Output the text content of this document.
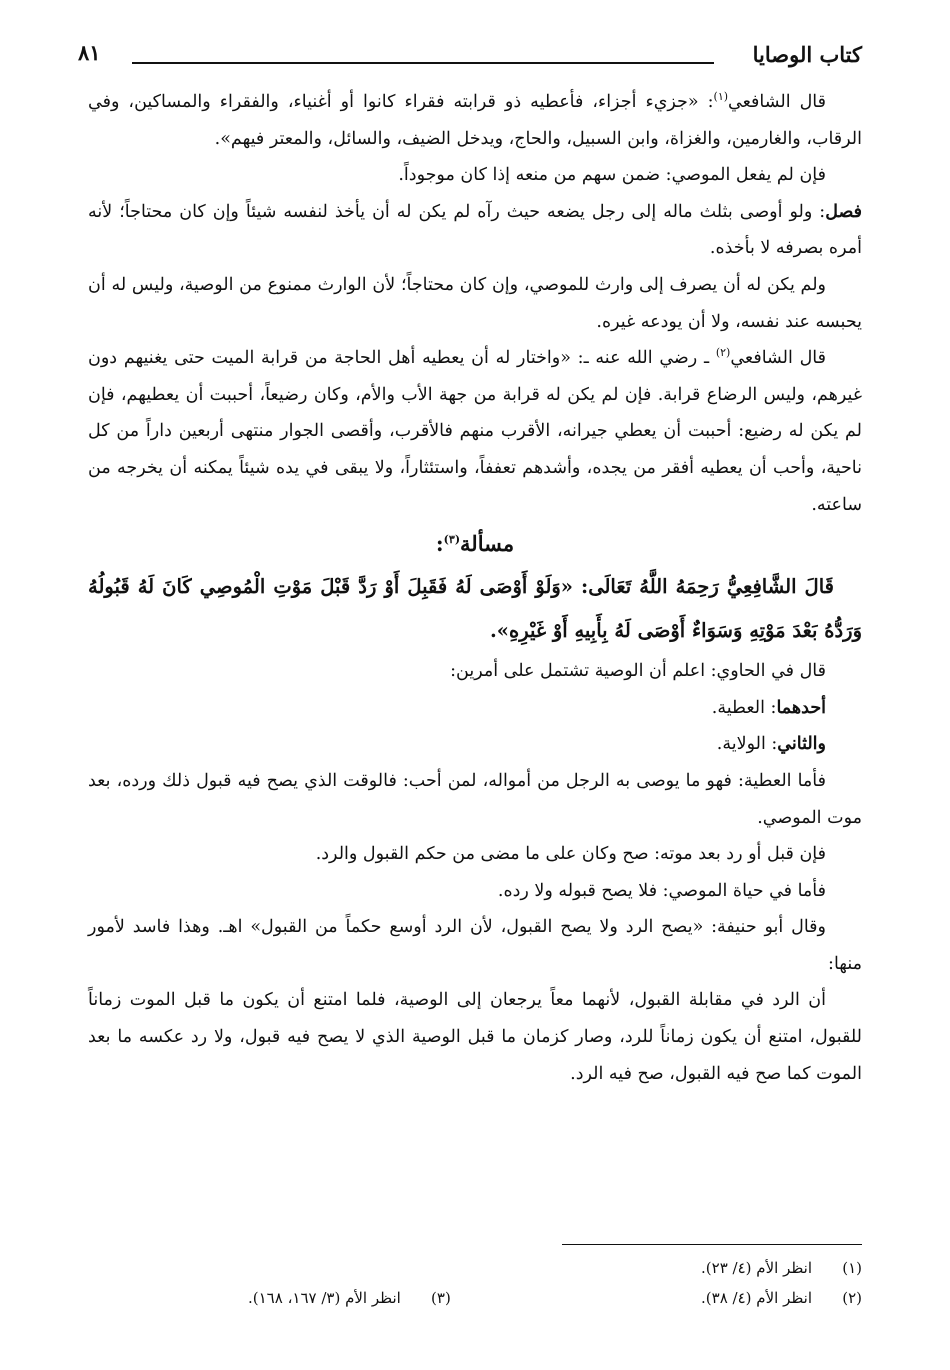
كتاب الوصايا
٨١

قال الشافعي$^{(١)}$: «جزيء أجزاء، فأعطيه ذو قرابته فقراء كانوا أو أغنياء، والفقراء والمساكين، وفي الرقاب، والغارمين، والغزاة، وابن السبيل، والحاج، ويدخل الضيف، والسائل، والمعتر فيهم».

فإن لم يفعل الموصي: ضمن سهم من منعه إذا كان موجوداً.

فصل: ولو أوصى بثلث ماله إلى رجل يضعه حيث رآه لم يكن له أن يأخذ لنفسه شيئاً وإن كان محتاجاً؛ لأنه أمره بصرفه لا بأخذه.

ولم يكن له أن يصرف إلى وارث للموصي، وإن كان محتاجاً؛ لأن الوارث ممنوع من الوصية، وليس له أن يحبسه عند نفسه، ولا أن يودعه غيره.

قال الشافعي$^{(٢)}$ ـ رضي الله عنه ـ: «واختار له أن يعطيه أهل الحاجة من قرابة الميت حتى يغنيهم دون غيرهم، وليس الرضاع قرابة. فإن لم يكن له قرابة من جهة الأب والأم، وكان رضيعاً، أحببت أن يعطيهم، فإن لم يكن له رضيع: أحببت أن يعطي جيرانه، الأقرب منهم فالأقرب، وأقصى الجوار منتهى أربعين داراً من كل ناحية، وأحب أن يعطيه أفقر من يجده، وأشدهم تعففاً، واستئثاراً، ولا يبقى في يده شيئاً يمكنه أن يخرجه من ساعته.

مسألة$^{(٣)}$:

قَالَ الشَّافِعِيُّ رَحِمَهُ اللَّهُ تَعَالَى: «وَلَوْ أَوْصَى لَهُ فَقَبِلَ أَوْ رَدَّ قَبْلَ مَوْتِ الْمُوصِي كَانَ لَهُ قَبُولُهُ وَرَدُّهُ بَعْدَ مَوْتِهِ وَسَوَاءٌ أَوْصَى لَهُ بِأَبِيهِ أَوْ غَيْرِهِ».

قال في الحاوي: اعلم أن الوصية تشتمل على أمرين:

أحدهما: العطية.

والثاني: الولاية.

فأما العطية: فهو ما يوصى به الرجل من أمواله، لمن أحب: فالوقت الذي يصح فيه قبول ذلك ورده، بعد موت الموصي.

فإن قبل أو رد بعد موته: صح وكان على ما مضى من حكم القبول والرد.

فأما في حياة الموصي: فلا يصح قبوله ولا رده.

وقال أبو حنيفة: «يصح الرد ولا يصح القبول، لأن الرد أوسع حكماً من القبول» اهـ. وهذا فاسد لأمور منها:

أن الرد في مقابلة القبول، لأنهما معاً يرجعان إلى الوصية، فلما امتنع أن يكون ما قبل الموت زماناً للقبول، امتنع أن يكون زماناً للرد، وصار كزمان ما قبل الوصية الذي لا يصح فيه قبول، ولا رد عكسه ما بعد الموت كما صح فيه القبول، صح فيه الرد.

(١)انظر الأم (٤/ ٢٣).
(٢)انظر الأم (٤/ ٣٨).
(٣)انظر الأم (٣/ ١٦٧، ١٦٨).
